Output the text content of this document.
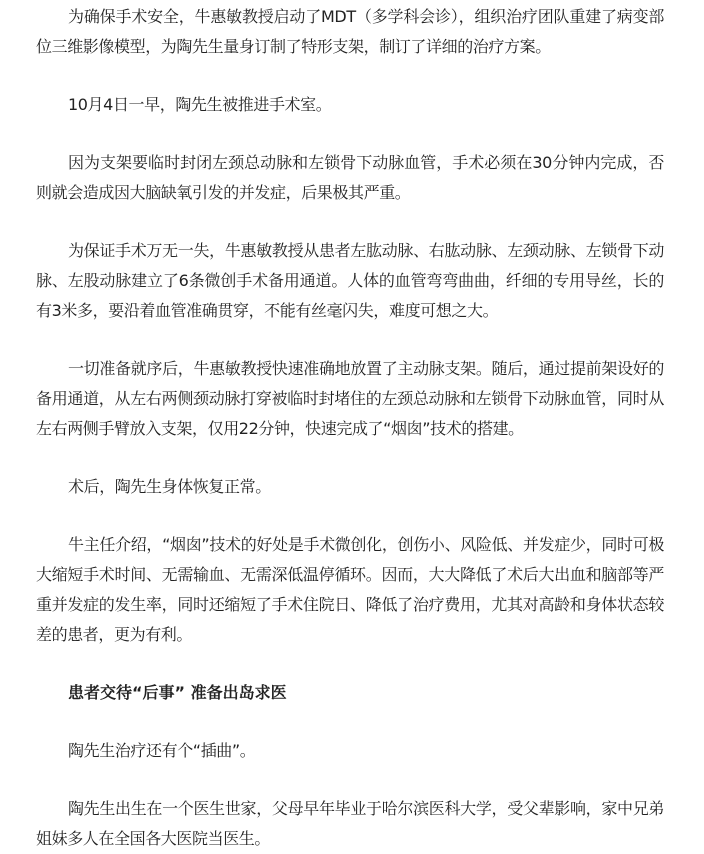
为确保手术安全，牛惠敏教授启动了MDT（多学科会诊），组织治疗团队重建了病变部位三维影像模型，为陶先生量身订制了特形支架，制订了详细的治疗方案。

10月4日一早，陶先生被推进手术室。

因为支架要临时封闭左颈总动脉和左锁骨下动脉血管，手术必须在30分钟内完成，否则就会造成因大脑缺氧引发的并发症，后果极其严重。

为保证手术万无一失，牛惠敏教授从患者左肱动脉、右肱动脉、左颈动脉、左锁骨下动脉、左股动脉建立了6条微创手术备用通道。人体的血管弯弯曲曲，纤细的专用导丝，长的有3米多，要沿着血管准确贯穿，不能有丝毫闪失，难度可想之大。

一切准备就序后，牛惠敏教授快速准确地放置了主动脉支架。随后，通过提前架设好的备用通道，从左右两侧颈动脉打穿被临时封堵住的左颈总动脉和左锁骨下动脉血管，同时从左右两侧手臂放入支架，仅用22分钟，快速完成了“烟囱”技术的搭建。

术后，陶先生身体恢复正常。

牛主任介绍，“烟囱”技术的好处是手术微创化，创伤小、风险低、并发症少，同时可极大缩短手术时间、无需输血、无需深低温停循环。因而，大大降低了术后大出血和脑部等严重并发症的发生率，同时还缩短了手术住院日、降低了治疗费用，尤其对高龄和身体状态较差的患者，更为有利。

患者交待“后事” 准备出岛求医

陶先生治疗还有个“插曲”。

陶先生出生在一个医生世家，父母早年毕业于哈尔滨医科大学，受父辈影响，家中兄弟姐妹多人在全国各大医院当医生。
